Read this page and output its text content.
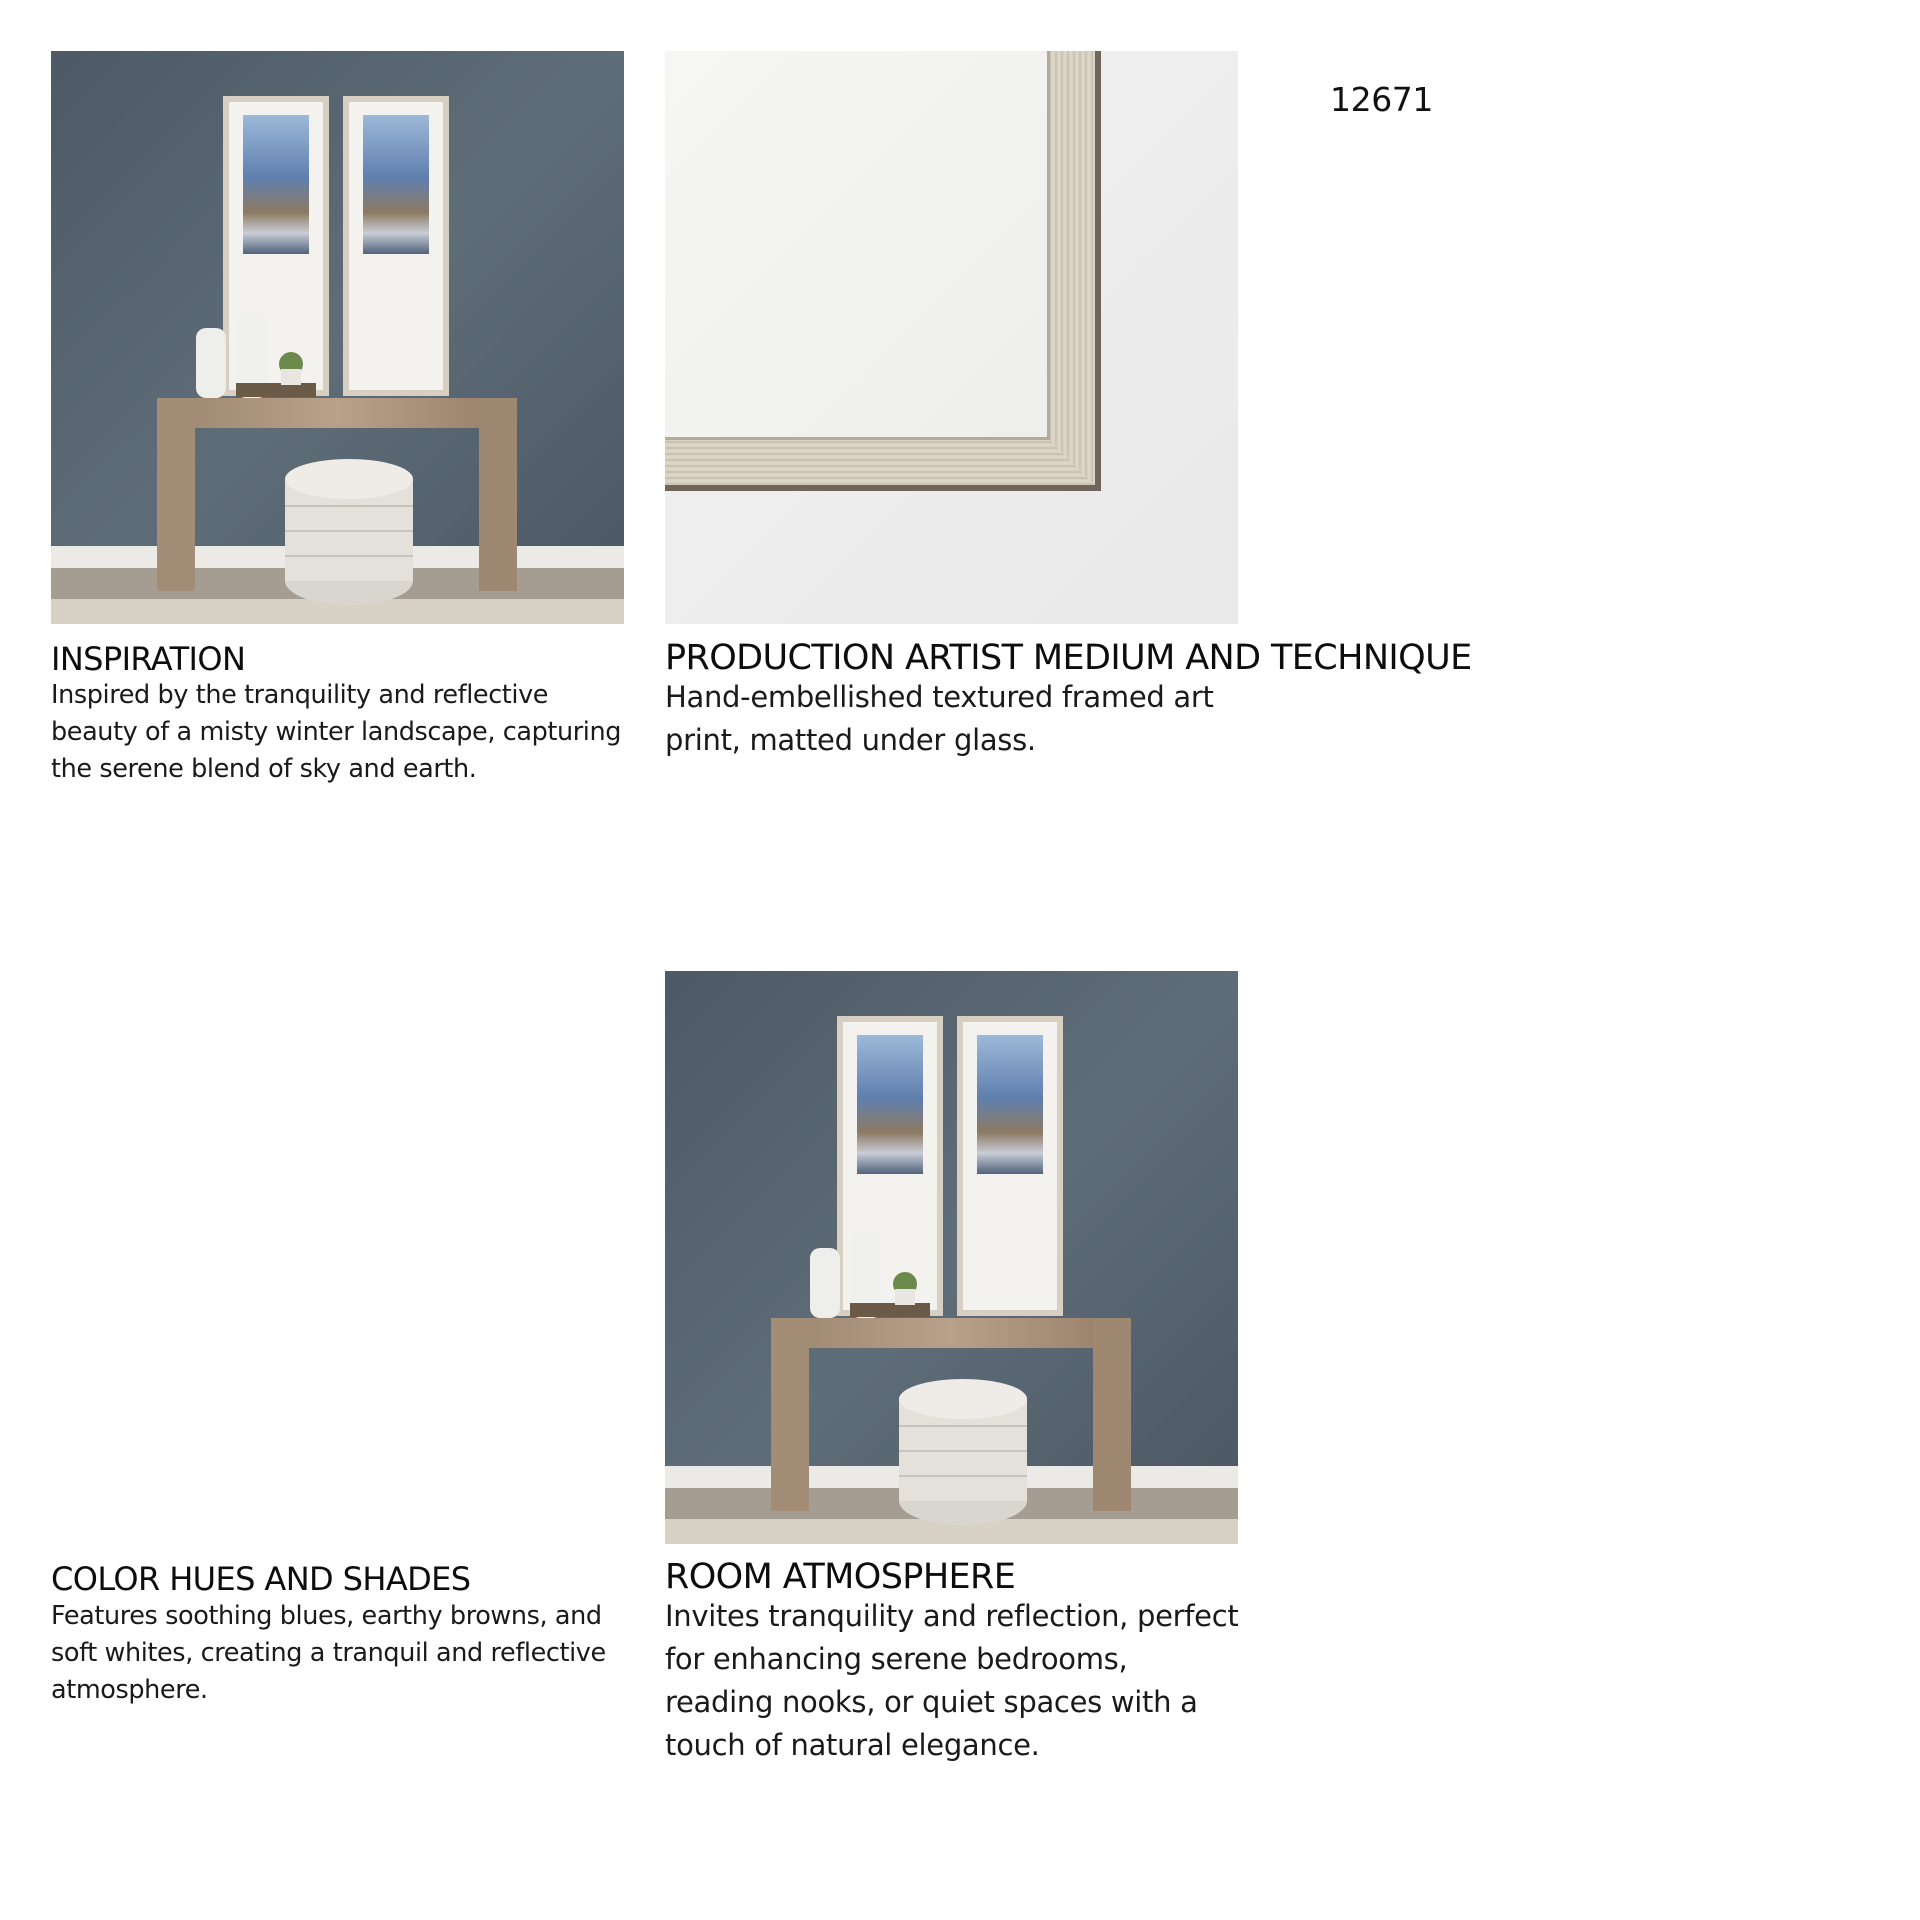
12671
INSPIRATION

Inspired by the tranquility and reflective beauty of a misty winter landscape, capturing the serene blend of sky and earth.

PRODUCTION ARTIST MEDIUM AND TECHNIQUE

Hand-embellished textured framed art print, matted under glass.

COLOR HUES AND SHADES

Features soothing blues, earthy browns, and soft whites, creating a tranquil and reflective atmosphere.

ROOM ATMOSPHERE

Invites tranquility and reflection, perfect for enhancing serene bedrooms, reading nooks, or quiet spaces with a touch of natural elegance.
